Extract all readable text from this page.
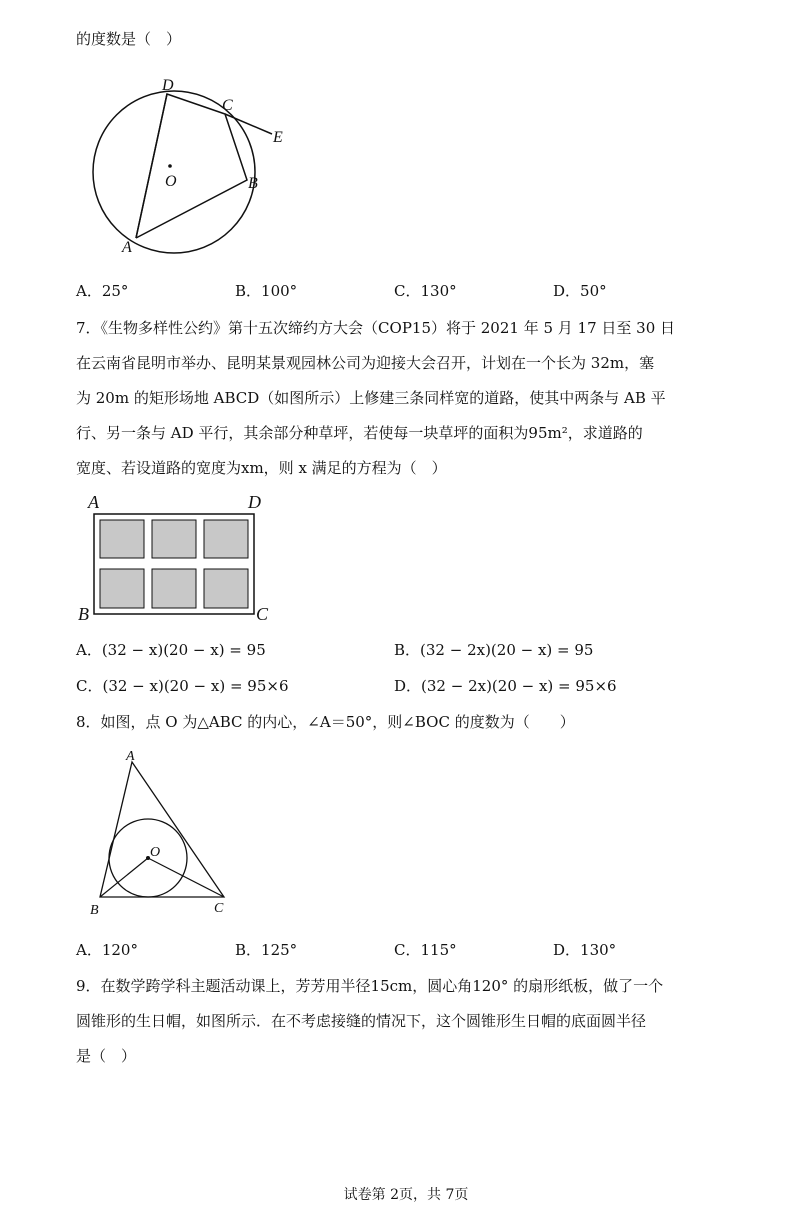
的度数是（　）
D
C
E
O	B
A
A．25°	B．100°	C．130°	D．50°
7．《生物多样性公约》第十五次缔约方大会（COP15）将于 2021 年 5 月 17 日至 30 日
在云南省昆明市举办、昆明某景观园林公司为迎接大会召开，计划在一个长为 32m，塞
为 20m 的矩形场地 ABCD（如图所示）上修建三条同样宽的道路，使其中两条与 AB 平
行、另一条与 AD 平行，其余部分种草坪，若使每一块草坪的面积为95m²，求道路的
宽度、若设道路的宽度为xm，则 x 满足的方程为（　）
A	D
B	C
A．(32 − x)(20 − x) = 95	B．(32 − 2x)(20 − x) = 95
C．(32 − x)(20 − x) = 95×6	D．(32 − 2x)(20 − x) = 95×6
8．如图，点 O 为△ABC 的内心，∠A＝50°，则∠BOC 的度数为（　　）
A
O
B	C
A．120°	B．125°	C．115°	D．130°
9．在数学跨学科主题活动课上，芳芳用半径15cm，圆心角120° 的扇形纸板，做了一个
圆锥形的生日帽，如图所示．在不考虑接缝的情况下，这个圆锥形生日帽的底面圆半径
是（　）
试卷第 2页，共 7页
